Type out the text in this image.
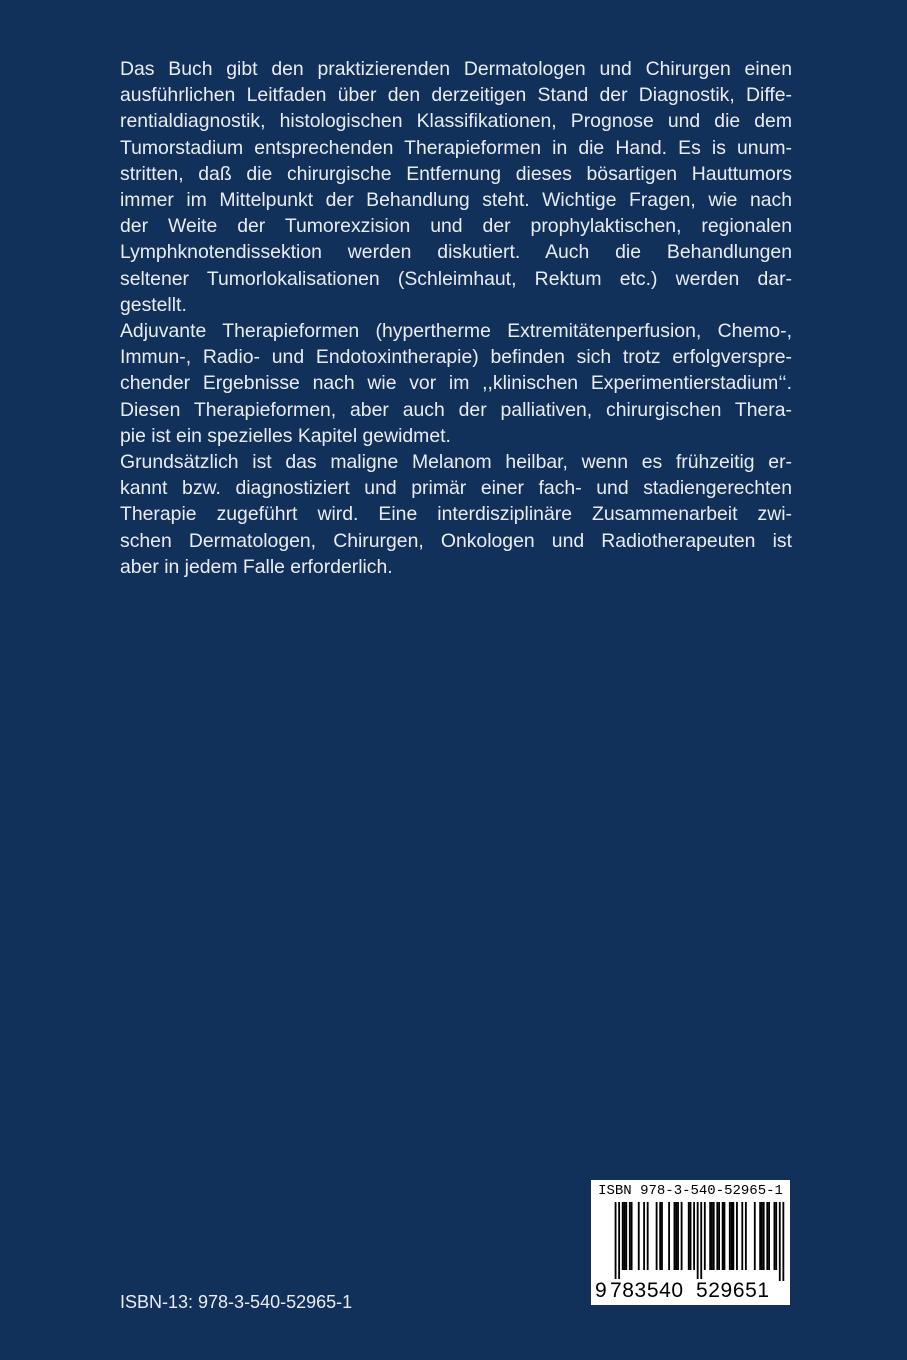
Das Buch gibt den praktizierenden Dermatologen und Chirurgen einen
ausführlichen Leitfaden über den derzeitigen Stand der Diagnostik, Diffe-
rentialdiagnostik, histologischen Klassifikationen, Prognose und die dem
Tumorstadium entsprechenden Therapieformen in die Hand. Es is unum-
stritten, daß die chirurgische Entfernung dieses bösartigen Hauttumors
immer im Mittelpunkt der Behandlung steht. Wichtige Fragen, wie nach
der Weite der Tumorexzision und der prophylaktischen, regionalen
Lymphknotendissektion werden diskutiert. Auch die Behandlungen
seltener Tumorlokalisationen (Schleimhaut, Rektum etc.) werden dar-
gestellt.
Adjuvante Therapieformen (hypertherme Extremitätenperfusion, Chemo-,
Immun-, Radio- und Endotoxintherapie) befinden sich trotz erfolgverspre-
chender Ergebnisse nach wie vor im ,,klinischen Experimentierstadium‘‘.
Diesen Therapieformen, aber auch der palliativen, chirurgischen Thera-
pie ist ein spezielles Kapitel gewidmet.
Grundsätzlich ist das maligne Melanom heilbar, wenn es frühzeitig er-
kannt bzw. diagnostiziert und primär einer fach- und stadiengerechten
Therapie zugeführt wird. Eine interdisziplinäre Zusammenarbeit zwi-
schen Dermatologen, Chirurgen, Onkologen und Radiotherapeuten ist
aber in jedem Falle erforderlich.
ISBN-13: 978-3-540-52965-1
ISBN 978-3-540-52965-1
9 783540 529651
